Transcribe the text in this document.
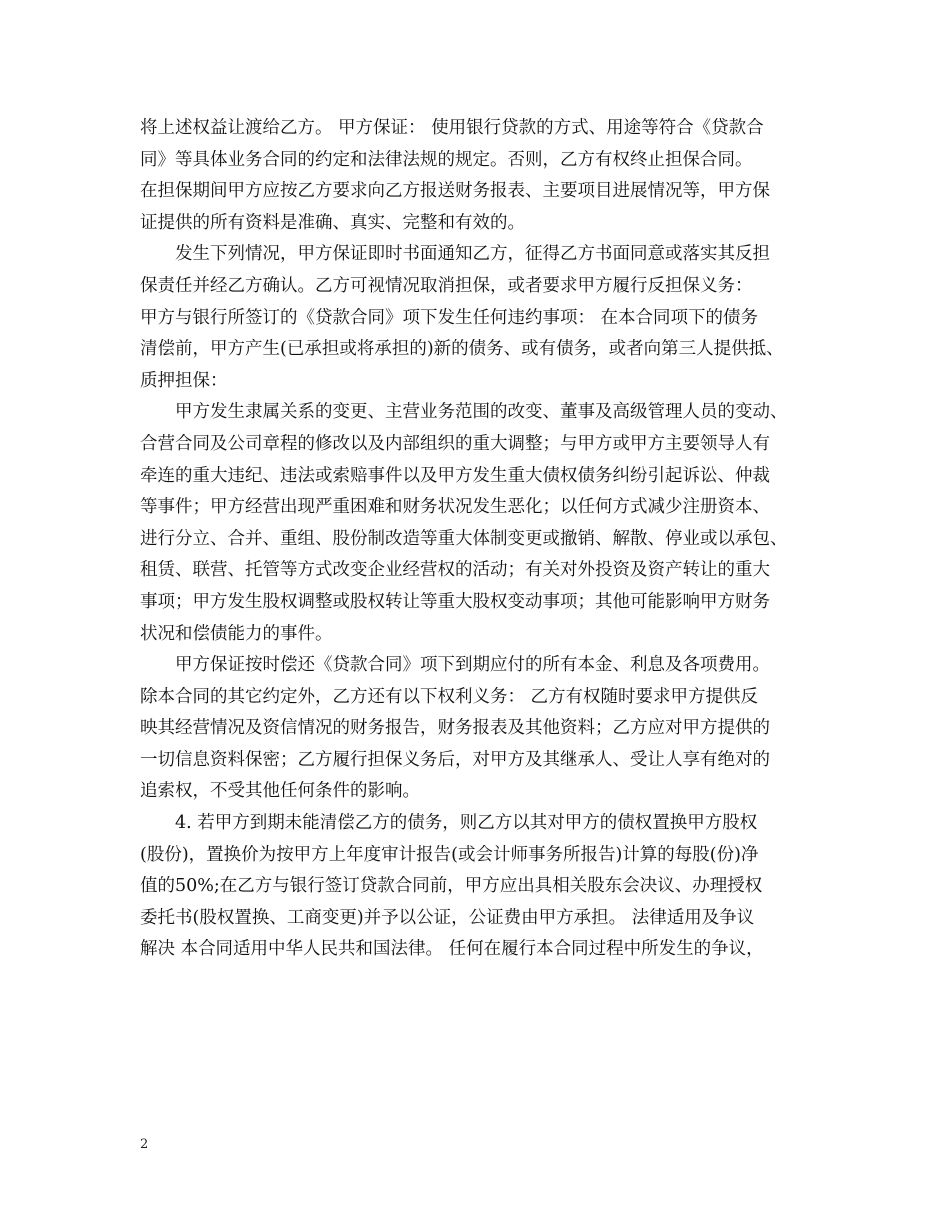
将上述权益让渡给乙方。 甲方保证： 使用银行贷款的方式、用途等符合《贷款合
同》等具体业务合同的约定和法律法规的规定。否则，乙方有权终止担保合同。
在担保期间甲方应按乙方要求向乙方报送财务报表、主要项目进展情况等，甲方保
证提供的所有资料是准确、真实、完整和有效的。
发生下列情况，甲方保证即时书面通知乙方，征得乙方书面同意或落实其反担
保责任并经乙方确认。乙方可视情况取消担保，或者要求甲方履行反担保义务：
甲方与银行所签订的《贷款合同》项下发生任何违约事项： 在本合同项下的债务
清偿前，甲方产生(已承担或将承担的)新的债务、或有债务，或者向第三人提供抵、
质押担保：
甲方发生隶属关系的变更、主营业务范围的改变、董事及高级管理人员的变动、
合营合同及公司章程的修改以及内部组织的重大调整；与甲方或甲方主要领导人有
牵连的重大违纪、违法或索赔事件以及甲方发生重大债权债务纠纷引起诉讼、仲裁
等事件；甲方经营出现严重困难和财务状况发生恶化；以任何方式减少注册资本、
进行分立、合并、重组、股份制改造等重大体制变更或撤销、解散、停业或以承包、
租赁、联营、托管等方式改变企业经营权的活动；有关对外投资及资产转让的重大
事项；甲方发生股权调整或股权转让等重大股权变动事项；其他可能影响甲方财务
状况和偿债能力的事件。
甲方保证按时偿还《贷款合同》项下到期应付的所有本金、利息及各项费用。
除本合同的其它约定外，乙方还有以下权利义务： 乙方有权随时要求甲方提供反
映其经营情况及资信情况的财务报告，财务报表及其他资料；乙方应对甲方提供的
一切信息资料保密；乙方履行担保义务后，对甲方及其继承人、受让人享有绝对的
追索权，不受其他任何条件的影响。
4. 若甲方到期未能清偿乙方的债务，则乙方以其对甲方的债权置换甲方股权
(股份)，置换价为按甲方上年度审计报告(或会计师事务所报告)计算的每股(份)净
值的50%;在乙方与银行签订贷款合同前，甲方应出具相关股东会决议、办理授权
委托书(股权置换、工商变更)并予以公证，公证费由甲方承担。 法律适用及争议
解决 本合同适用中华人民共和国法律。 任何在履行本合同过程中所发生的争议，
2
